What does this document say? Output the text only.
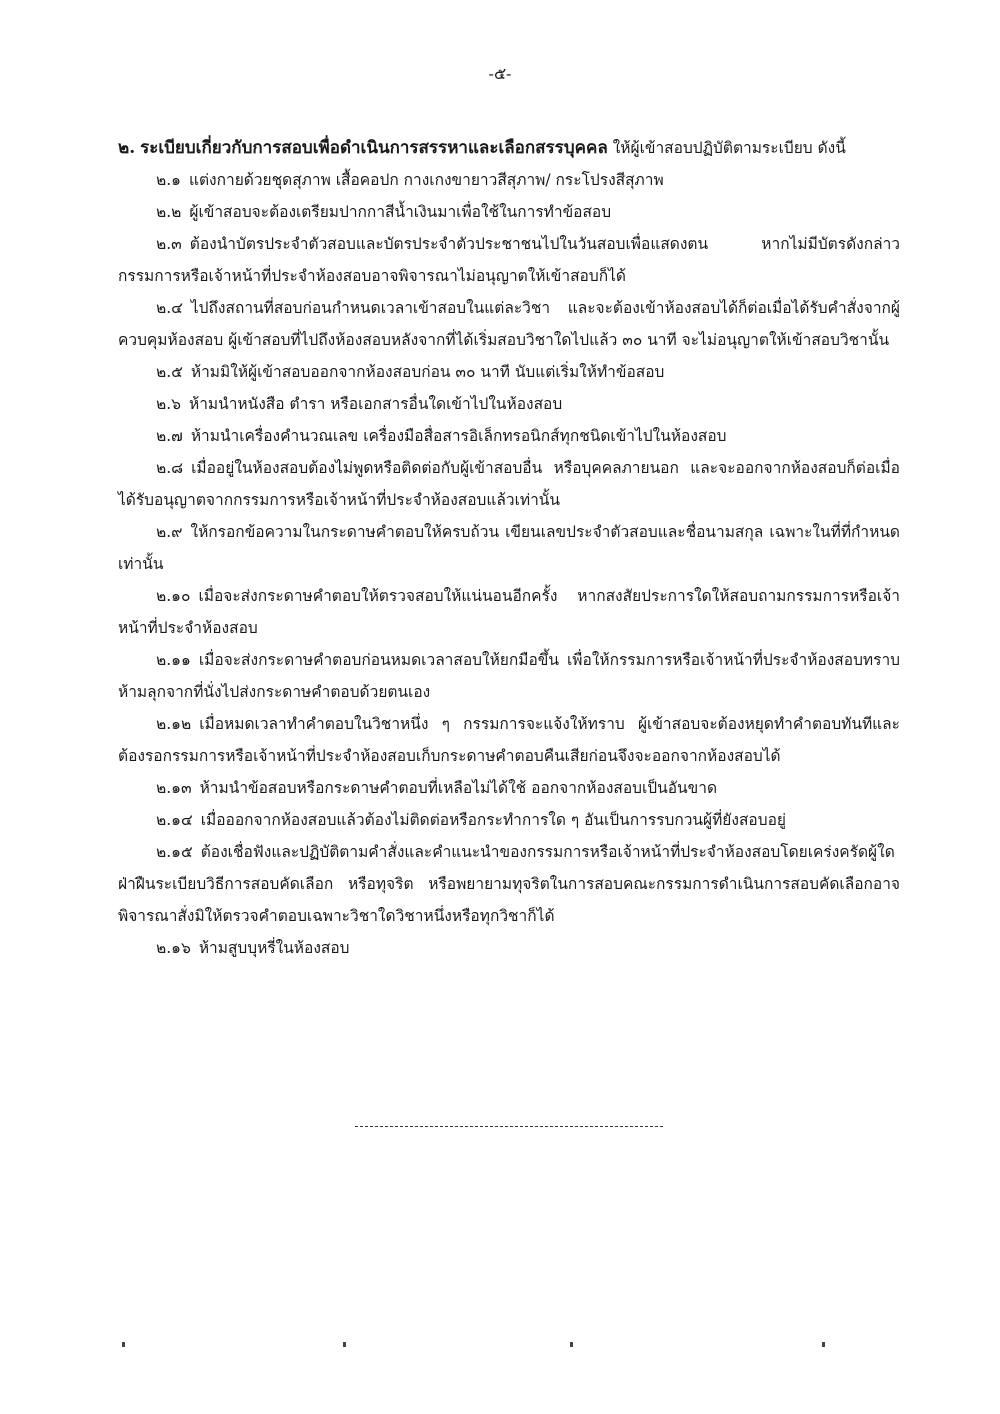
-๕-

๒. ระเบียบเกี่ยวกับการสอบเพื่อดำเนินการสรรหาและเลือกสรรบุคคล ให้ผู้เข้าสอบปฏิบัติตามระเบียบ ดังนี้

๒.๑ แต่งกายด้วยชุดสุภาพ เสื้อคอปก กางเกงขายาวสีสุภาพ/ กระโปรงสีสุภาพ

๒.๒ ผู้เข้าสอบจะต้องเตรียมปากกาสีน้ำเงินมาเพื่อใช้ในการทำข้อสอบ

๒.๓ ต้องนำบัตรประจำตัวสอบและบัตรประจำตัวประชาชนไปในวันสอบเพื่อแสดงตน หากไม่มีบัตรดังกล่าวกรรมการหรือเจ้าหน้าที่ประจำห้องสอบอาจพิจารณาไม่อนุญาตให้เข้าสอบก็ได้

๒.๔ ไปถึงสถานที่สอบก่อนกำหนดเวลาเข้าสอบในแต่ละวิชา และจะต้องเข้าห้องสอบได้ก็ต่อเมื่อได้รับคำสั่งจากผู้ควบคุมห้องสอบ ผู้เข้าสอบที่ไปถึงห้องสอบหลังจากที่ได้เริ่มสอบวิชาใดไปแล้ว ๓๐ นาที จะไม่อนุญาตให้เข้าสอบวิชานั้น

๒.๕ ห้ามมิให้ผู้เข้าสอบออกจากห้องสอบก่อน ๓๐ นาที นับแต่เริ่มให้ทำข้อสอบ

๒.๖ ห้ามนำหนังสือ ตำรา หรือเอกสารอื่นใดเข้าไปในห้องสอบ

๒.๗ ห้ามนำเครื่องคำนวณเลข เครื่องมือสื่อสารอิเล็กทรอนิกส์ทุกชนิดเข้าไปในห้องสอบ

๒.๘ เมื่ออยู่ในห้องสอบต้องไม่พูดหรือติดต่อกับผู้เข้าสอบอื่น หรือบุคคลภายนอก และจะออกจากห้องสอบก็ต่อเมื่อได้รับอนุญาตจากกรรมการหรือเจ้าหน้าที่ประจำห้องสอบแล้วเท่านั้น

๒.๙ ให้กรอกข้อความในกระดาษคำตอบให้ครบถ้วน เขียนเลขประจำตัวสอบและชื่อนามสกุล เฉพาะในที่ที่กำหนดเท่านั้น

๒.๑๐ เมื่อจะส่งกระดาษคำตอบให้ตรวจสอบให้แน่นอนอีกครั้ง หากสงสัยประการใดให้สอบถามกรรมการหรือเจ้าหน้าที่ประจำห้องสอบ

๒.๑๑ เมื่อจะส่งกระดาษคำตอบก่อนหมดเวลาสอบให้ยกมือขึ้น เพื่อให้กรรมการหรือเจ้าหน้าที่ประจำห้องสอบทราบ ห้ามลุกจากที่นั่งไปส่งกระดาษคำตอบด้วยตนเอง

๒.๑๒ เมื่อหมดเวลาทำคำตอบในวิชาหนึ่ง ๆ กรรมการจะแจ้งให้ทราบ ผู้เข้าสอบจะต้องหยุดทำคำตอบทันทีและต้องรอกรรมการหรือเจ้าหน้าที่ประจำห้องสอบเก็บกระดาษคำตอบคืนเสียก่อนจึงจะออกจากห้องสอบได้

๒.๑๓ ห้ามนำข้อสอบหรือกระดาษคำตอบที่เหลือไม่ได้ใช้ ออกจากห้องสอบเป็นอันขาด

๒.๑๔ เมื่อออกจากห้องสอบแล้วต้องไม่ติดต่อหรือกระทำการใด ๆ อันเป็นการรบกวนผู้ที่ยังสอบอยู่

๒.๑๕ ต้องเชื่อฟังและปฏิบัติตามคำสั่งและคำแนะนำของกรรมการหรือเจ้าหน้าที่ประจำห้องสอบโดยเคร่งครัดผู้ใดฝ่าฝืนระเบียบวิธีการสอบคัดเลือก หรือทุจริต หรือพยายามทุจริตในการสอบคณะกรรมการดำเนินการสอบคัดเลือกอาจพิจารณาสั่งมิให้ตรวจคำตอบเฉพาะวิชาใดวิชาหนึ่งหรือทุกวิชาก็ได้

๒.๑๖ ห้ามสูบบุหรี่ในห้องสอบ
